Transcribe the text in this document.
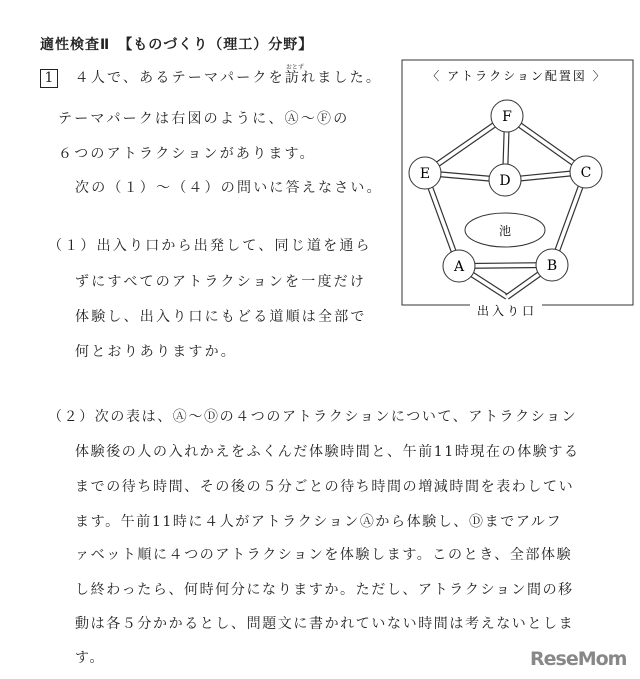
適性検査Ⅱ　【ものづくり（理工）分野】
1 ４人で、あるテーマパークを
おとず
訪れました。
テーマパークは右図のように、Ⓐ～Ⓕの
６つのアトラクションがあります。
次の（１）～（４）の問いに答えなさい。
（１）出入り口から出発して、同じ道を通ら
ずにすべてのアトラクションを一度だけ
体験し、出入り口にもどる道順は全部で
何とおりありますか。
（２）次の表は、Ⓐ～Ⓓの４つのアトラクションについて、アトラクション
体験後の人の入れかえをふくんだ体験時間と、午前11時現在の体験する
までの待ち時間、その後の５分ごとの待ち時間の増減時間を表わしてい
ます。午前11時に４人がアトラクションⒶから体験し、Ⓓまでアルフ
ァベット順に４つのアトラクションを体験します。このとき、全部体験
し終わったら、何時何分になりますか。ただし、アトラクション間の移
動は各５分かかるとし、問題文に書かれていない時間は考えないとしま
す。
〈 アトラクション配置図 〉
池
A	B
C
D
E
F
出入り口
ReseMom
